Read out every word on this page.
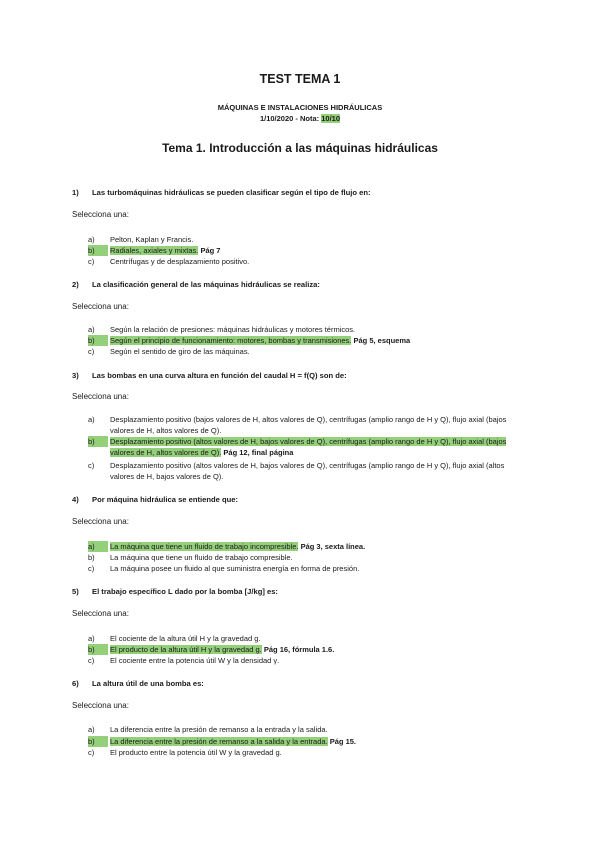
TEST TEMA 1
MÁQUINAS E INSTALACIONES HIDRÁULICAS
1/10/2020 - Nota: 10/10
Tema 1. Introducción a las máquinas hidráulicas
1) Las turbomáquinas hidráulicas se pueden clasificar según el tipo de flujo en:
Selecciona una:
a)	Pelton, Kaplan y Francis.
b)	Radiales, axiales y mixtas. Pág 7
c)	Centrífugas y de desplazamiento positivo.
2) La clasificación general de las máquinas hidráulicas se realiza:
Selecciona una:
a)	Según la relación de presiones: máquinas hidráulicas y motores térmicos.
b)	Según el principio de funcionamiento: motores, bombas y transmisiones. Pág 5, esquema
c)	Según el sentido de giro de las máquinas.
3) Las bombas en una curva altura en función del caudal H = f(Q) son de:
Selecciona una:
a)	Desplazamiento positivo (bajos valores de H, altos valores de Q), centrífugas (amplio rango de H y Q), flujo axial (bajos valores de H, altos valores de Q).
b)	Desplazamiento positivo (altos valores de H, bajos valores de Q), centrífugas (amplio rango de H y Q), flujo axial (bajos valores de H, altos valores de Q). Pág 12, final página
c)	Desplazamiento positivo (altos valores de H, bajos valores de Q), centrífugas (amplio rango de H y Q), flujo axial (altos valores de H, bajos valores de Q).
4) Por máquina hidráulica se entiende que:
Selecciona una:
a)	La máquina que tiene un fluido de trabajo incompresible. Pág 3, sexta línea.
b)	La máquina que tiene un fluido de trabajo compresible.
c)	La máquina posee un fluido al que suministra energía en forma de presión.
5) El trabajo específico L dado por la bomba [J/kg] es:
Selecciona una:
a)	El cociente de la altura útil H y la gravedad g.
b)	El producto de la altura útil H y la gravedad g. Pág 16, fórmula 1.6.
c)	El cociente entre la potencia útil W y la densidad γ.
6) La altura útil de una bomba es:
Selecciona una:
a)	La diferencia entre la presión de remanso a la entrada y la salida.
b)	La diferencia entre la presión de remanso a la salida y la entrada. Pág 15.
c)	El producto entre la potencia útil W y la gravedad g.
